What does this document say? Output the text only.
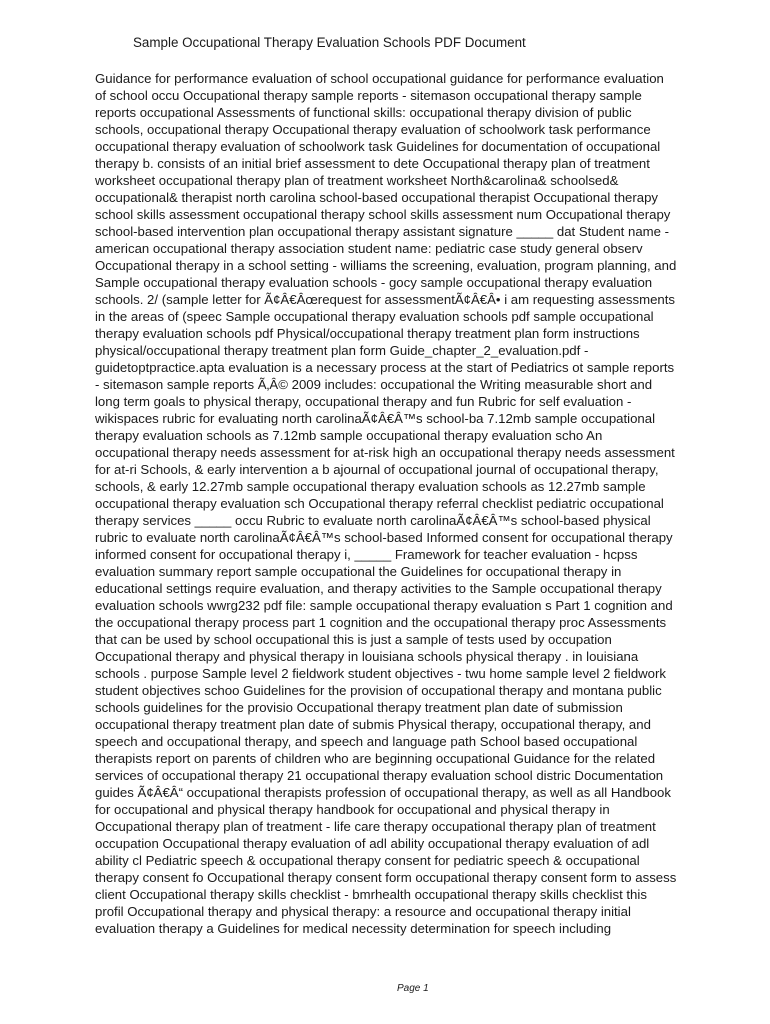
Sample Occupational Therapy Evaluation Schools PDF Document
Guidance for performance evaluation of school occupational guidance for performance evaluation
of school occu Occupational therapy sample reports - sitemason occupational therapy sample
reports occupational Assessments of functional skills: occupational therapy division of public
schools, occupational therapy Occupational therapy evaluation of schoolwork task performance
occupational therapy evaluation of schoolwork task Guidelines for documentation of occupational
therapy b. consists of an initial brief assessment to dete Occupational therapy plan of treatment
worksheet occupational therapy plan of treatment worksheet North&carolina& schoolsed&
occupational& therapist north carolina school-based occupational therapist Occupational therapy
school skills assessment occupational therapy school skills assessment num Occupational therapy
school-based intervention plan occupational therapy assistant signature _____ dat Student name -
american occupational therapy association student name: pediatric case study general observ
Occupational therapy in a school setting - williams the screening, evaluation, program planning, and
Sample occupational therapy evaluation schools - gocy sample occupational therapy evaluation
schools. 2/ (sample letter for Ã¢Â€Âœrequest for assessmentÃ¢Â€Â• i am requesting assessments
in the areas of (speec Sample occupational therapy evaluation schools pdf sample occupational
therapy evaluation schools pdf Physical/occupational therapy treatment plan form instructions
physical/occupational therapy treatment plan form Guide_chapter_2_evaluation.pdf -
guidetoptpractice.apta evaluation is a necessary process at the start of Pediatrics ot sample reports
- sitemason sample reports Ã‚Â© 2009 includes: occupational the Writing measurable short and
long term goals to physical therapy, occupational therapy and fun Rubric for self evaluation -
wikispaces rubric for evaluating north carolinaÃ¢Â€Â™s school-ba 7.12mb sample occupational
therapy evaluation schools as 7.12mb sample occupational therapy evaluation scho An
occupational therapy needs assessment for at-risk high an occupational therapy needs assessment
for at-ri Schools, & early intervention a b ajournal of occupational journal of occupational therapy,
schools, & early 12.27mb sample occupational therapy evaluation schools as 12.27mb sample
occupational therapy evaluation sch Occupational therapy referral checklist pediatric occupational
therapy services _____ occu Rubric to evaluate north carolinaÃ¢Â€Â™s school-based physical
rubric to evaluate north carolinaÃ¢Â€Â™s school-based Informed consent for occupational therapy
informed consent for occupational therapy i, _____ Framework for teacher evaluation - hcpss
evaluation summary report sample occupational the Guidelines for occupational therapy in
educational settings require evaluation, and therapy activities to the Sample occupational therapy
evaluation schools wwrg232 pdf file: sample occupational therapy evaluation s Part 1 cognition and
the occupational therapy process part 1 cognition and the occupational therapy proc Assessments
that can be used by school occupational this is just a sample of tests used by occupation
Occupational therapy and physical therapy in louisiana schools physical therapy . in louisiana
schools . purpose Sample level 2 fieldwork student objectives - twu home sample level 2 fieldwork
student objectives schoo Guidelines for the provision of occupational therapy and montana public
schools guidelines for the provisio Occupational therapy treatment plan date of submission
occupational therapy treatment plan date of submis Physical therapy, occupational therapy, and
speech and occupational therapy, and speech and language path School based occupational
therapists report on parents of children who are beginning occupational Guidance for the related
services of occupational therapy 21 occupational therapy evaluation school distric Documentation
guides Ã¢Â€Â“ occupational therapists profession of occupational therapy, as well as all Handbook
for occupational and physical therapy handbook for occupational and physical therapy in
Occupational therapy plan of treatment - life care therapy occupational therapy plan of treatment
occupation Occupational therapy evaluation of adl ability occupational therapy evaluation of adl
ability cl Pediatric speech & occupational therapy consent for pediatric speech & occupational
therapy consent fo Occupational therapy consent form occupational therapy consent form to assess
client Occupational therapy skills checklist - bmrhealth occupational therapy skills checklist this
profil Occupational therapy and physical therapy: a resource and occupational therapy initial
evaluation therapy a Guidelines for medical necessity determination for speech including
Page 1
